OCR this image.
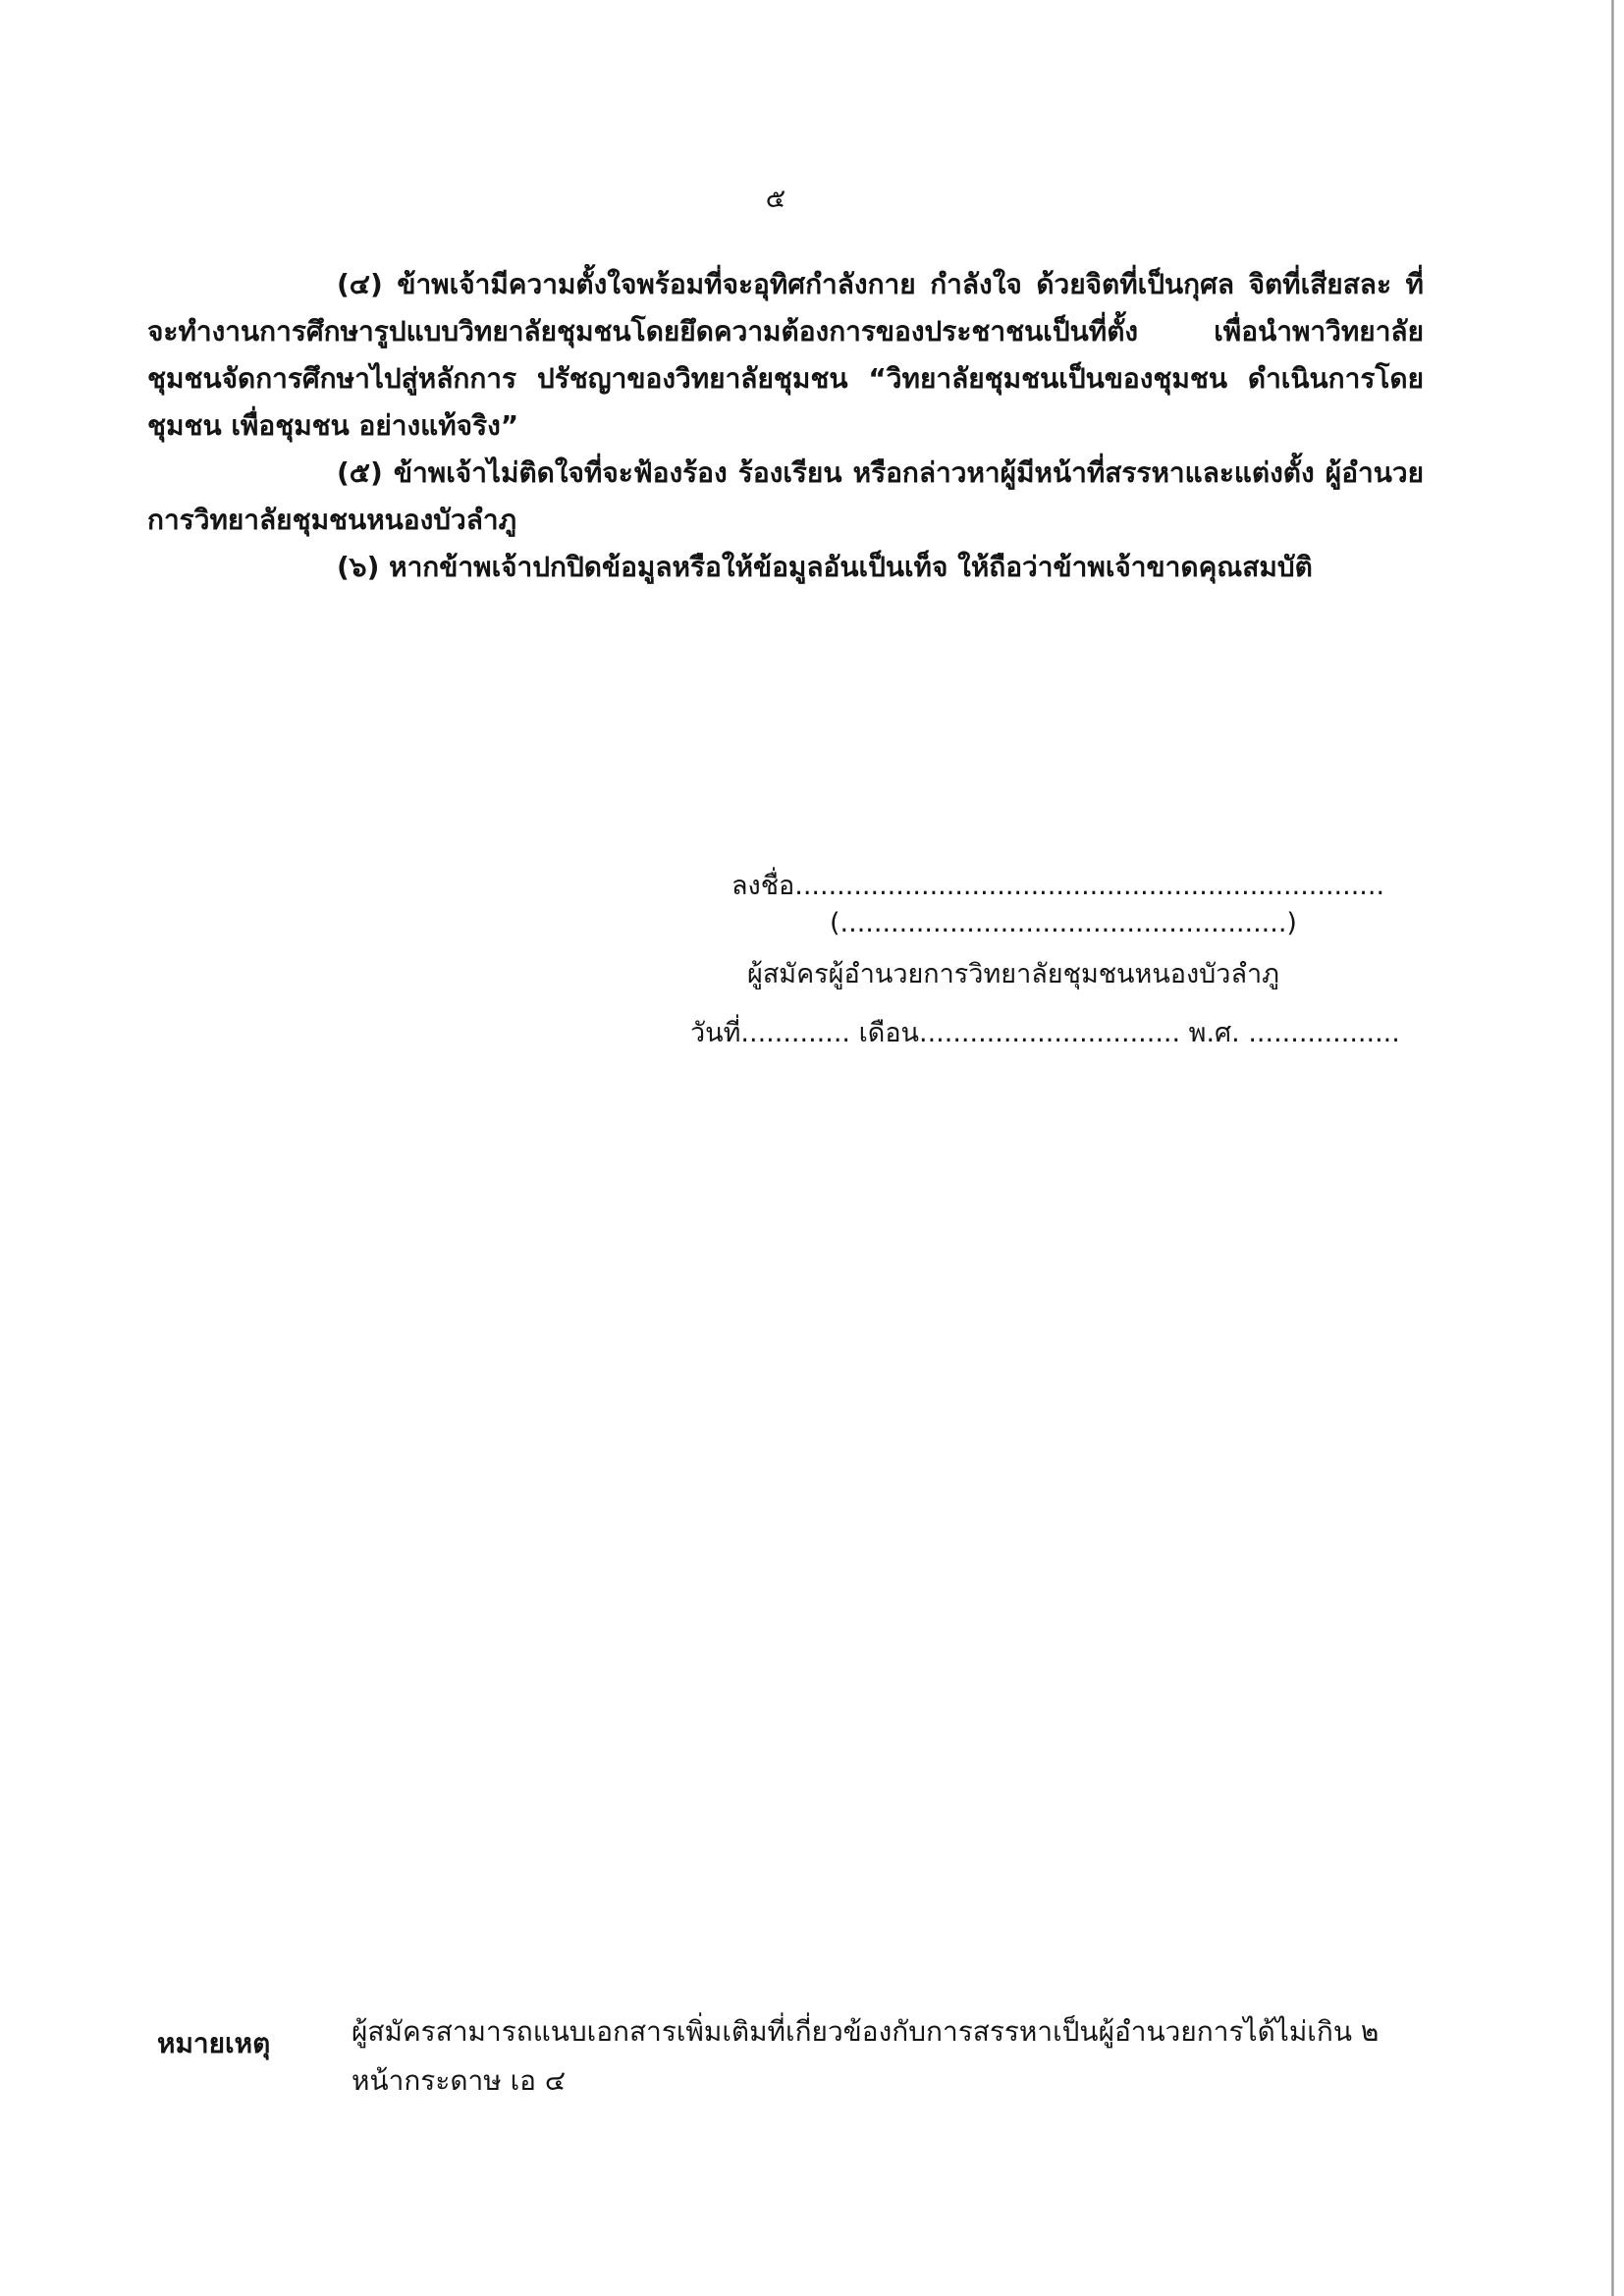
๕

(๔) ข้าพเจ้ามีความตั้งใจพร้อมที่จะอุทิศกำลังกาย กำลังใจ ด้วยจิตที่เป็นกุศล จิตที่เสียสละ ที่จะทำงานการศึกษารูปแบบวิทยาลัยชุมชนโดยยึดความต้องการของประชาชนเป็นที่ตั้ง เพื่อนำพาวิทยาลัยชุมชนจัดการศึกษาไปสู่หลักการ ปรัชญาของวิทยาลัยชุมชน “วิทยาลัยชุมชนเป็นของชุมชน ดำเนินการโดยชุมชน เพื่อชุมชน อย่างแท้จริง”

(๕) ข้าพเจ้าไม่ติดใจที่จะฟ้องร้อง ร้องเรียน หรือกล่าวหาผู้มีหน้าที่สรรหาและแต่งตั้ง ผู้อำนวยการวิทยาลัยชุมชนหนองบัวลำภู

(๖) หากข้าพเจ้าปกปิดข้อมูลหรือให้ข้อมูลอันเป็นเท็จ ให้ถือว่าข้าพเจ้าขาดคุณสมบัติ

ลงชื่อ......................................................................
(.....................................................)
ผู้สมัครผู้อำนวยการวิทยาลัยชุมชนหนองบัวลำภู
วันที่............. เดือน............................... พ.ศ. ..................
หมายเหตุ	ผู้สมัครสามารถแนบเอกสารเพิ่มเติมที่เกี่ยวข้องกับการสรรหาเป็นผู้อำนวยการได้ไม่เกิน ๒ หน้ากระดาษ เอ ๔
